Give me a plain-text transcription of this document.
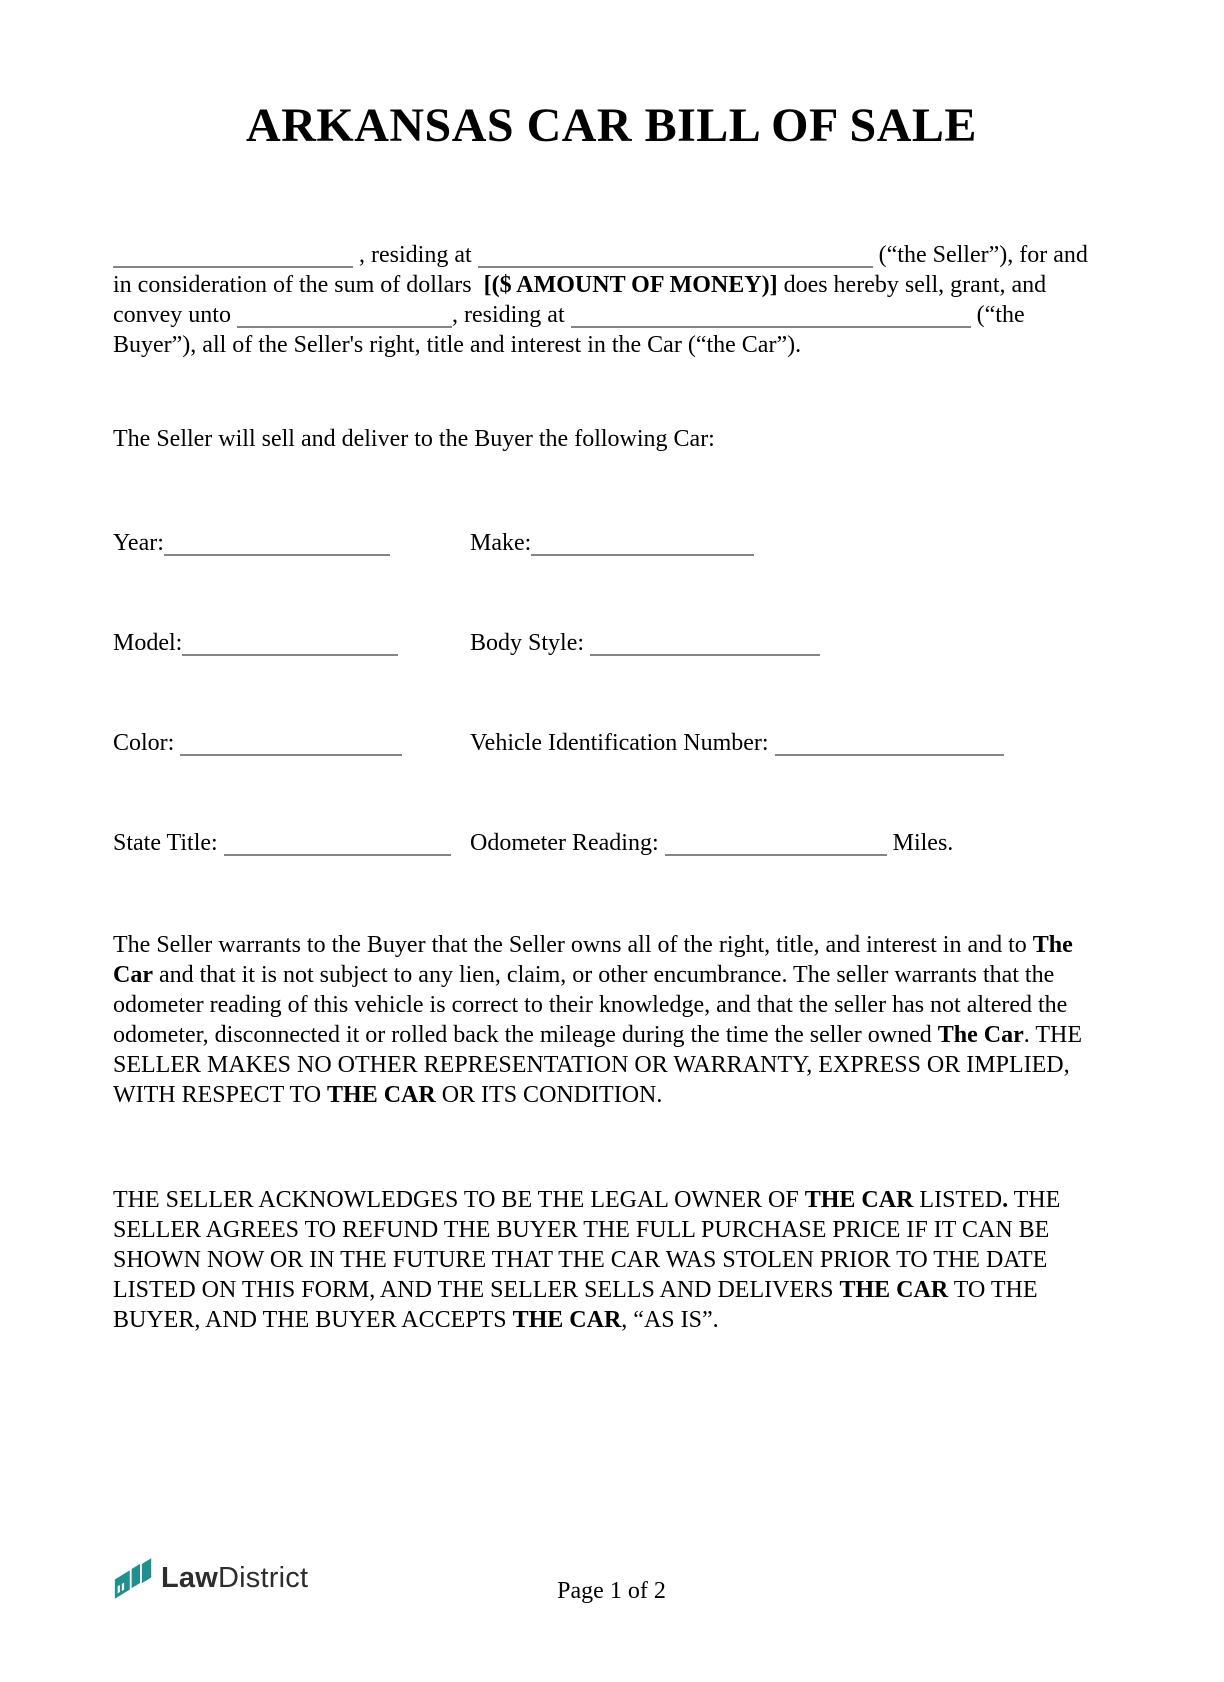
ARKANSAS CAR BILL OF SALE

, residing at	(“the Seller”), for and in consideration of the sum of dollars  [($ AMOUNT OF MONEY)] does hereby sell, grant, and convey unto	, residing at	(“the Buyer”), all of the Seller's right, title and interest in the Car (“the Car”).

The Seller will sell and deliver to the Buyer the following Car:

Year:	Make:
Model:	Body Style:
Color:	Vehicle Identification Number:
State Title:	Odometer Reading:	Miles.

The Seller warrants to the Buyer that the Seller owns all of the right, title, and interest in and to The Car and that it is not subject to any lien, claim, or other encumbrance. The seller warrants that the odometer reading of this vehicle is correct to their knowledge, and that the seller has not altered the odometer, disconnected it or rolled back the mileage during the time the seller owned The Car. THE SELLER MAKES NO OTHER REPRESENTATION OR WARRANTY, EXPRESS OR IMPLIED, WITH RESPECT TO THE CAR OR ITS CONDITION.

THE SELLER ACKNOWLEDGES TO BE THE LEGAL OWNER OF THE CAR LISTED. THE SELLER AGREES TO REFUND THE BUYER THE FULL PURCHASE PRICE IF IT CAN BE SHOWN NOW OR IN THE FUTURE THAT THE CAR WAS STOLEN PRIOR TO THE DATE LISTED ON THIS FORM, AND THE SELLER SELLS AND DELIVERS THE CAR TO THE BUYER, AND THE BUYER ACCEPTS THE CAR, “AS IS”.

LawDistrict	Page 1 of 2
